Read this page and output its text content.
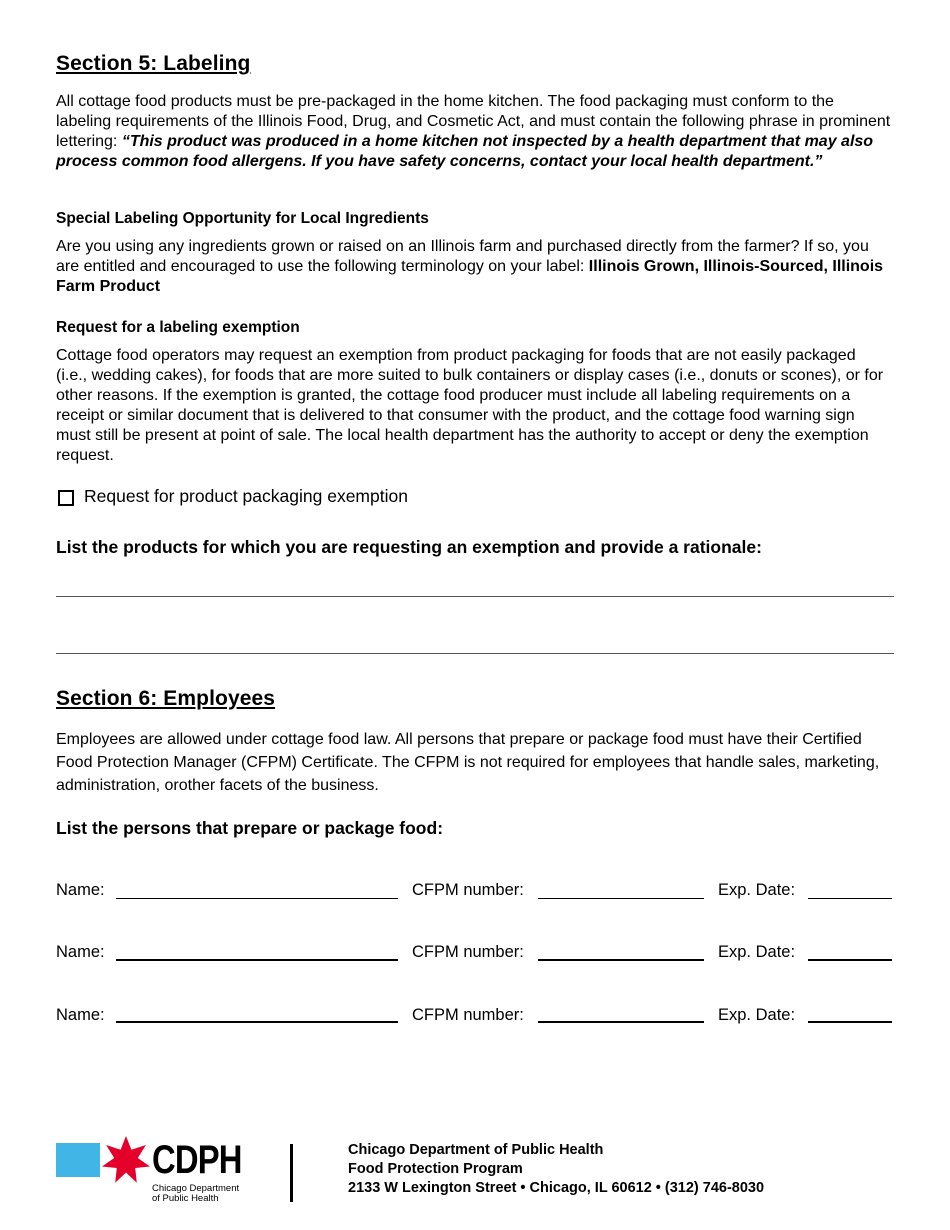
Section 5: Labeling
All cottage food products must be pre-packaged in the home kitchen. The food packaging must conform to the labeling requirements of the Illinois Food, Drug, and Cosmetic Act, and must contain the following phrase in prominent lettering: “This product was produced in a home kitchen not inspected by a health department that may also process common food allergens. If you have safety concerns, contact your local health department.”
Special Labeling Opportunity for Local Ingredients
Are you using any ingredients grown or raised on an Illinois farm and purchased directly from the farmer? If so, you are entitled and encouraged to use the following terminology on your label: Illinois Grown, Illinois-Sourced, Illinois Farm Product
Request for a labeling exemption
Cottage food operators may request an exemption from product packaging for foods that are not easily packaged (i.e., wedding cakes), for foods that are more suited to bulk containers or display cases (i.e., donuts or scones), or for other reasons. If the exemption is granted, the cottage food producer must include all labeling requirements on a receipt or similar document that is delivered to that consumer with the product, and the cottage food warning sign must still be present at point of sale. The local health department has the authority to accept or deny the exemption request.
Request for product packaging exemption
List the products for which you are requesting an exemption and provide a rationale:
Section 6: Employees
Employees are allowed under cottage food law. All persons that prepare or package food must have their Certified Food Protection Manager (CFPM) Certificate. The CFPM is not required for employees that handle sales, marketing, administration, orother facets of the business.
List the persons that prepare or package food:
Name:	CFPM number:	Exp. Date:
Name:	CFPM number:	Exp. Date:
Name:	CFPM number:	Exp. Date:
CDPH
Chicago Department
of Public Health
Chicago Department of Public Health
Food Protection Program
2133 W Lexington Street • Chicago, IL 60612 • (312) 746-8030
